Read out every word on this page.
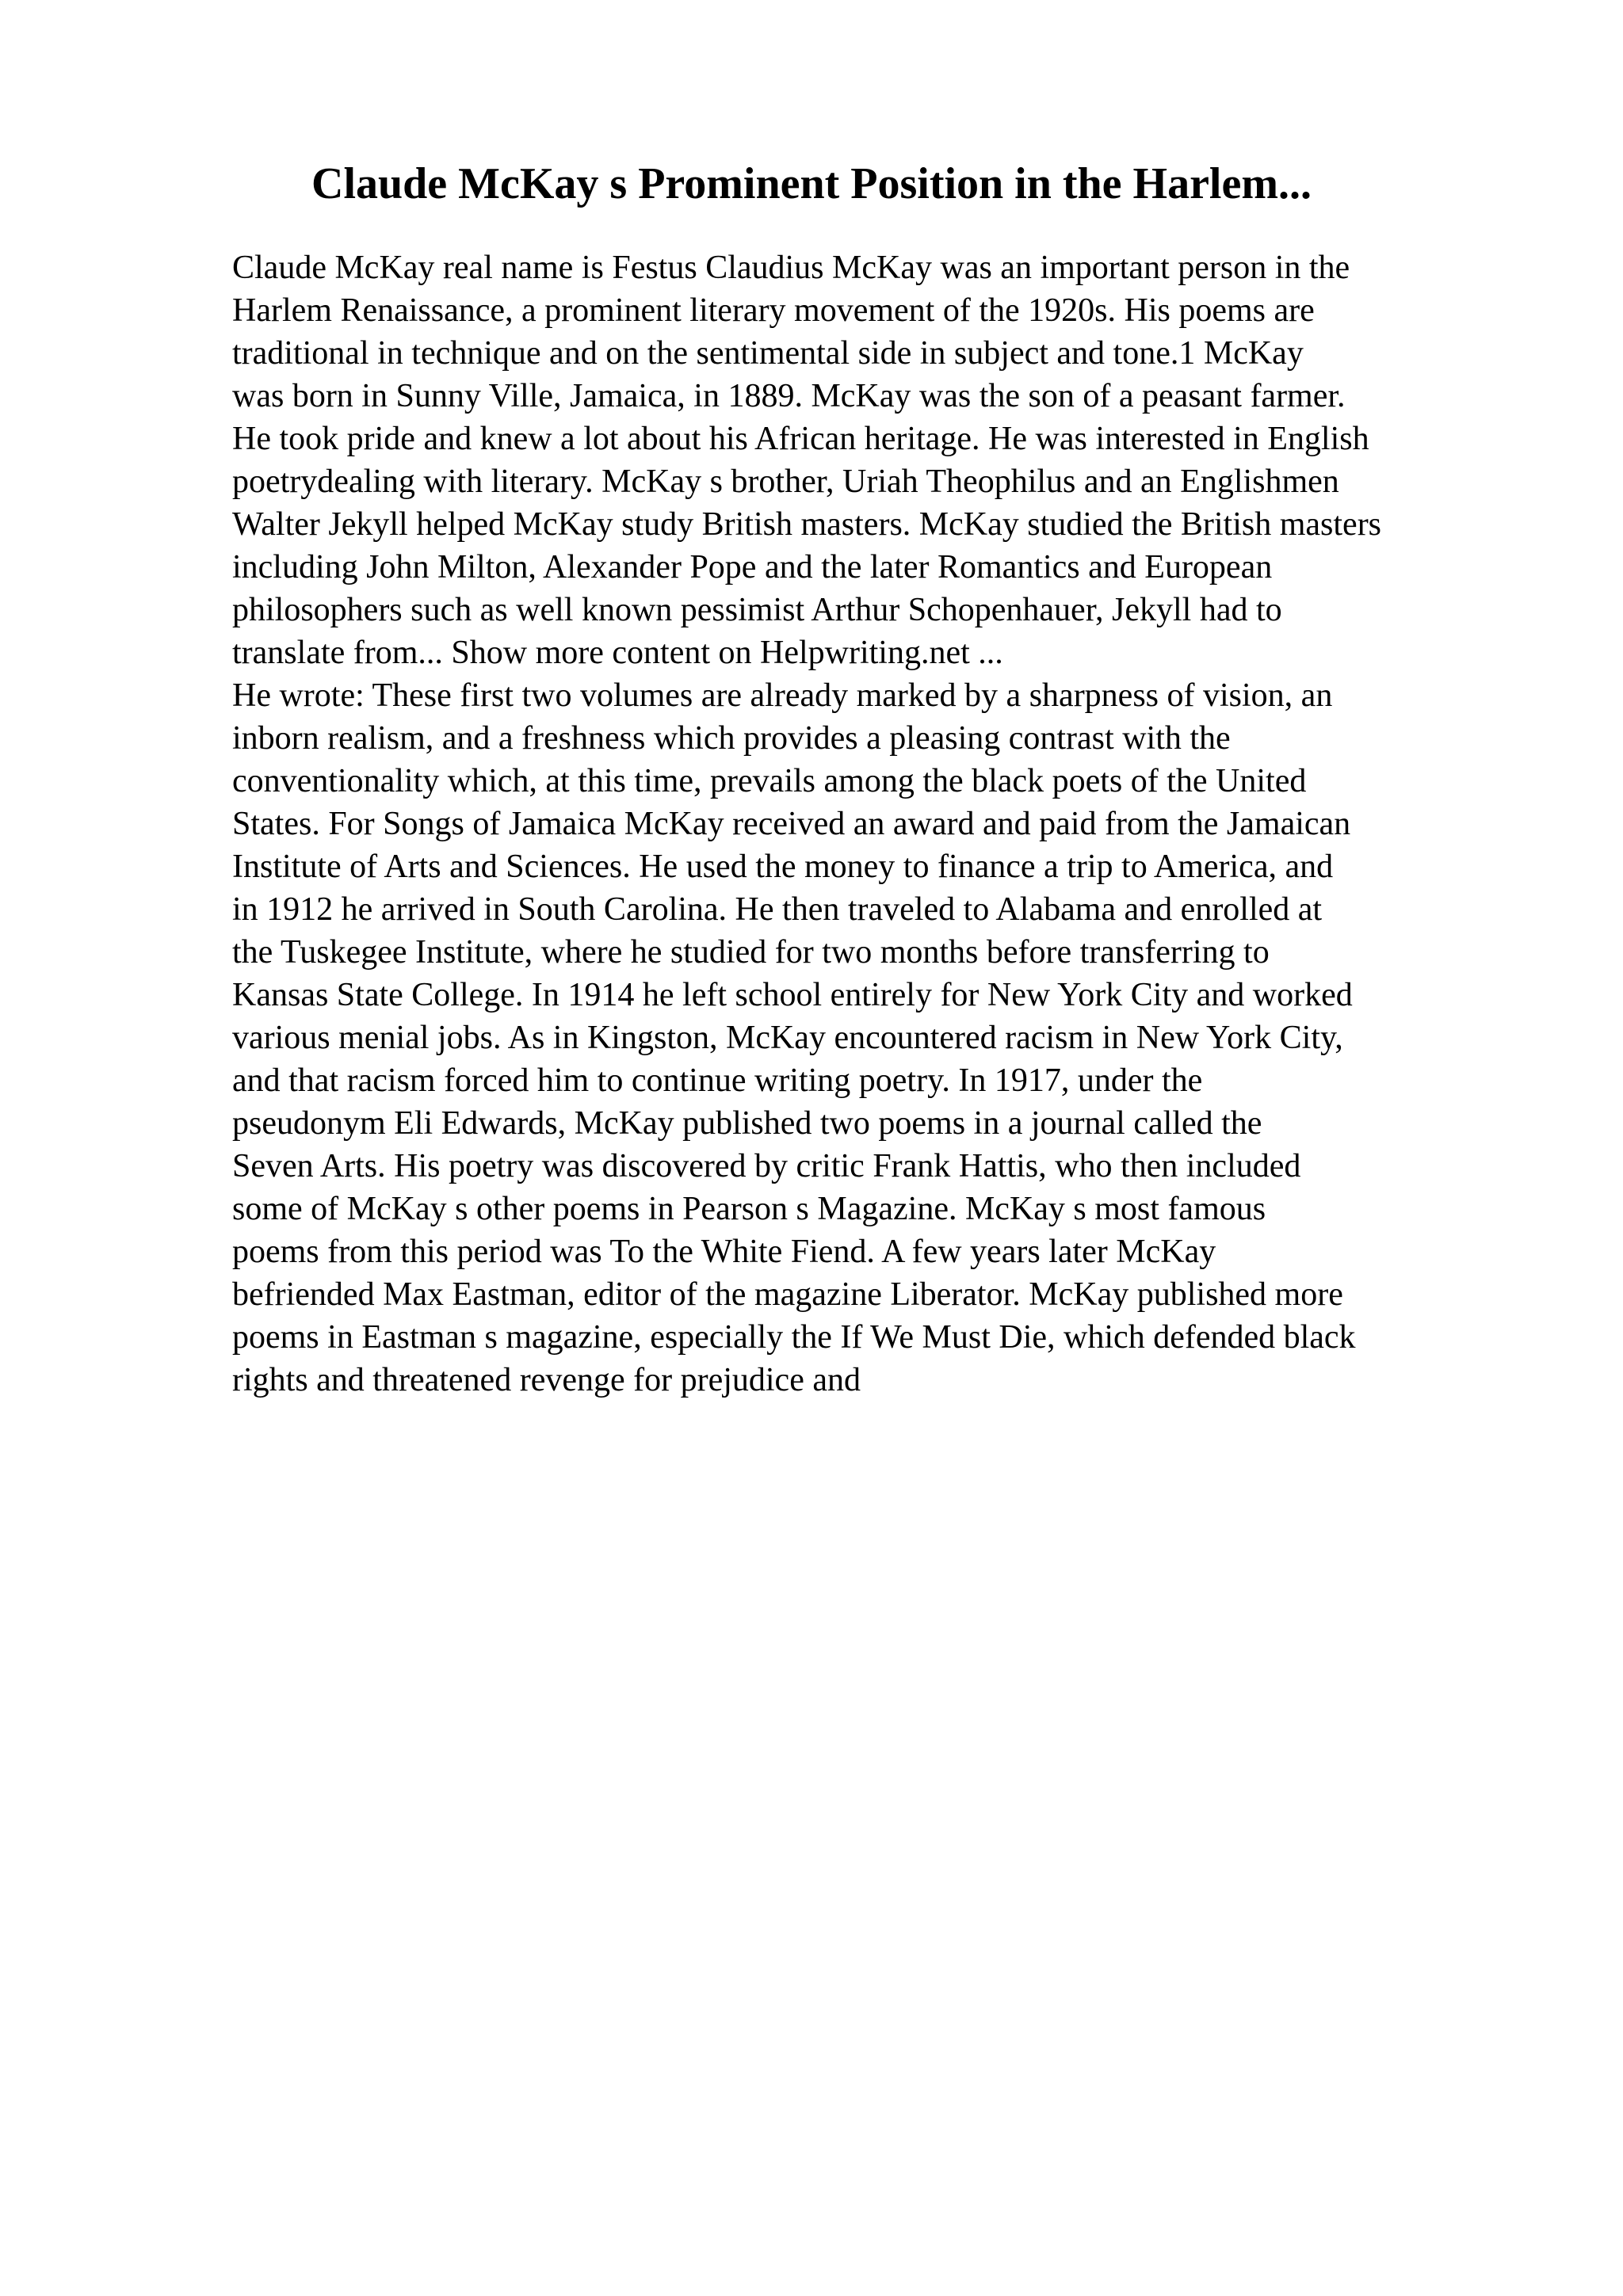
Claude McKay s Prominent Position in the Harlem...
Claude McKay real name is Festus Claudius McKay was an important person in the
Harlem Renaissance, a prominent literary movement of the 1920s. His poems are
traditional in technique and on the sentimental side in subject and tone.1 McKay
was born in Sunny Ville, Jamaica, in 1889. McKay was the son of a peasant farmer.
He took pride and knew a lot about his African heritage. He was interested in English
poetrydealing with literary. McKay s brother, Uriah Theophilus and an Englishmen
Walter Jekyll helped McKay study British masters. McKay studied the British masters
including John Milton, Alexander Pope and the later Romantics and European
philosophers such as well known pessimist Arthur Schopenhauer, Jekyll had to
translate from... Show more content on Helpwriting.net ...
He wrote: These first two volumes are already marked by a sharpness of vision, an
inborn realism, and a freshness which provides a pleasing contrast with the
conventionality which, at this time, prevails among the black poets of the United
States. For Songs of Jamaica McKay received an award and paid from the Jamaican
Institute of Arts and Sciences. He used the money to finance a trip to America, and
in 1912 he arrived in South Carolina. He then traveled to Alabama and enrolled at
the Tuskegee Institute, where he studied for two months before transferring to
Kansas State College. In 1914 he left school entirely for New York City and worked
various menial jobs. As in Kingston, McKay encountered racism in New York City,
and that racism forced him to continue writing poetry. In 1917, under the
pseudonym Eli Edwards, McKay published two poems in a journal called the
Seven Arts. His poetry was discovered by critic Frank Hattis, who then included
some of McKay s other poems in Pearson s Magazine. McKay s most famous
poems from this period was To the White Fiend. A few years later McKay
befriended Max Eastman, editor of the magazine Liberator. McKay published more
poems in Eastman s magazine, especially the If We Must Die, which defended black
rights and threatened revenge for prejudice and
